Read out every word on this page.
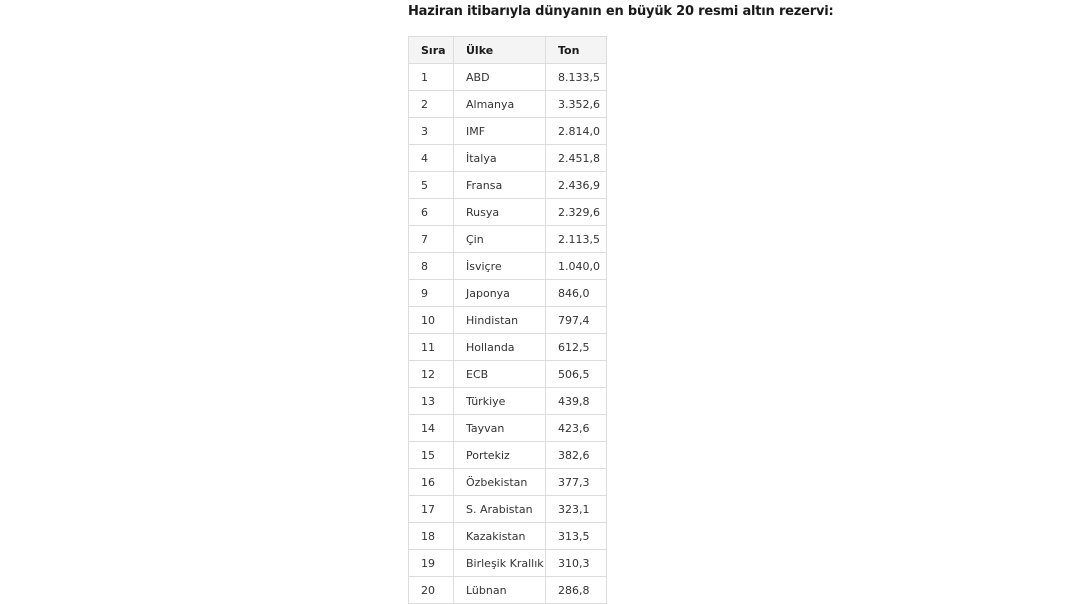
Haziran itibarıyla dünyanın en büyük 20 resmi altın rezervi:
Sıra	Ülke	Ton
1	ABD	8.133,5
2	Almanya	3.352,6
3	IMF	2.814,0
4	İtalya	2.451,8
5	Fransa	2.436,9
6	Rusya	2.329,6
7	Çin	2.113,5
8	İsviçre	1.040,0
9	Japonya	846,0
10	Hindistan	797,4
11	Hollanda	612,5
12	ECB	506,5
13	Türkiye	439,8
14	Tayvan	423,6
15	Portekiz	382,6
16	Özbekistan	377,3
17	S. Arabistan	323,1
18	Kazakistan	313,5
19	Birleşik Krallık	310,3
20	Lübnan	286,8
